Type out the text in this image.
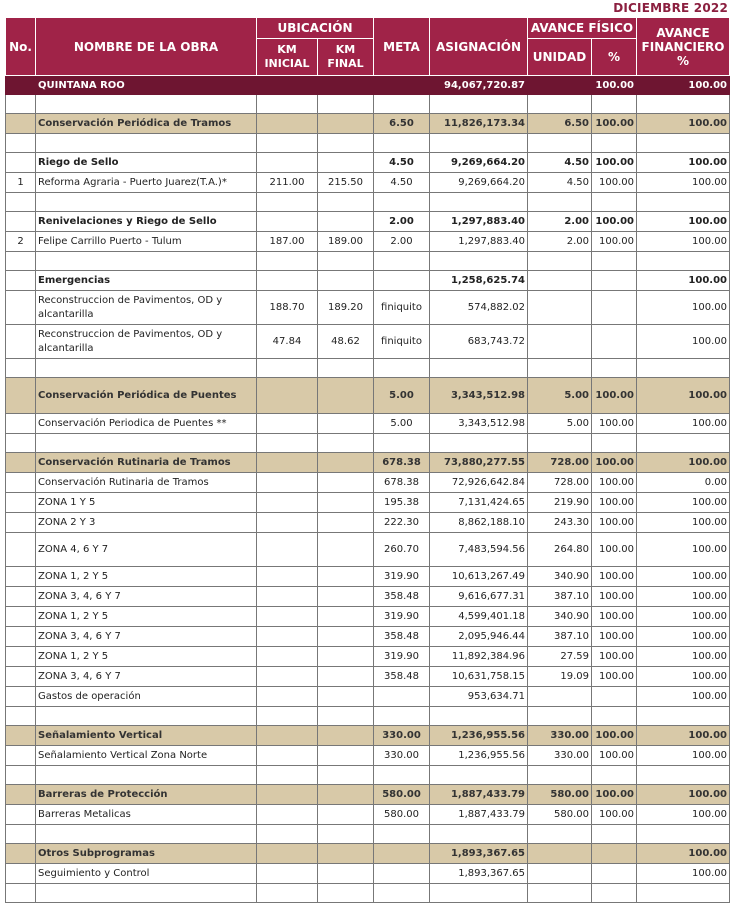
DICIEMBRE 2022
No.	NOMBRE DE LA OBRA	UBICACIÓN		META	ASIGNACIÓN	AVANCE FÍSICO		AVANCE FINANCIERO %
		KM INICIAL	KM FINAL			UNIDAD	%	
	QUINTANA ROO				94,067,720.87		100.00	100.00

	Conservación Periódica de Tramos			6.50	11,826,173.34	6.50	100.00	100.00

	Riego de Sello			4.50	9,269,664.20	4.50	100.00	100.00
1	Reforma Agraria - Puerto Juarez(T.A.)*	211.00	215.50	4.50	9,269,664.20	4.50	100.00	100.00

	Renivelaciones y Riego de Sello			2.00	1,297,883.40	2.00	100.00	100.00
2	Felipe Carrillo Puerto - Tulum	187.00	189.00	2.00	1,297,883.40	2.00	100.00	100.00

	Emergencias				1,258,625.74			100.00
	Reconstruccion de Pavimentos, OD y alcantarilla	188.70	189.20	finiquito	574,882.02			100.00
	Reconstruccion de Pavimentos, OD y alcantarilla	47.84	48.62	finiquito	683,743.72			100.00

	Conservación Periódica de Puentes			5.00	3,343,512.98	5.00	100.00	100.00
	Conservación Periodica de Puentes **			5.00	3,343,512.98	5.00	100.00	100.00

	Conservación Rutinaria de Tramos			678.38	73,880,277.55	728.00	100.00	100.00
	Conservación Rutinaria de Tramos			678.38	72,926,642.84	728.00	100.00	0.00
	ZONA 1 Y 5			195.38	7,131,424.65	219.90	100.00	100.00
	ZONA 2 Y 3			222.30	8,862,188.10	243.30	100.00	100.00
	ZONA 4, 6 Y 7			260.70	7,483,594.56	264.80	100.00	100.00
	ZONA 1, 2 Y 5			319.90	10,613,267.49	340.90	100.00	100.00
	ZONA 3, 4, 6 Y 7			358.48	9,616,677.31	387.10	100.00	100.00
	ZONA 1, 2 Y 5			319.90	4,599,401.18	340.90	100.00	100.00
	ZONA 3, 4, 6 Y 7			358.48	2,095,946.44	387.10	100.00	100.00
	ZONA 1, 2 Y 5			319.90	11,892,384.96	27.59	100.00	100.00
	ZONA 3, 4, 6 Y 7			358.48	10,631,758.15	19.09	100.00	100.00
	Gastos de operación				953,634.71			100.00

	Señalamiento Vertical			330.00	1,236,955.56	330.00	100.00	100.00
	Señalamiento Vertical Zona Norte			330.00	1,236,955.56	330.00	100.00	100.00

	Barreras de Protección			580.00	1,887,433.79	580.00	100.00	100.00
	Barreras Metalicas			580.00	1,887,433.79	580.00	100.00	100.00

	Otros Subprogramas				1,893,367.65			100.00
	Seguimiento y Control				1,893,367.65			100.00
